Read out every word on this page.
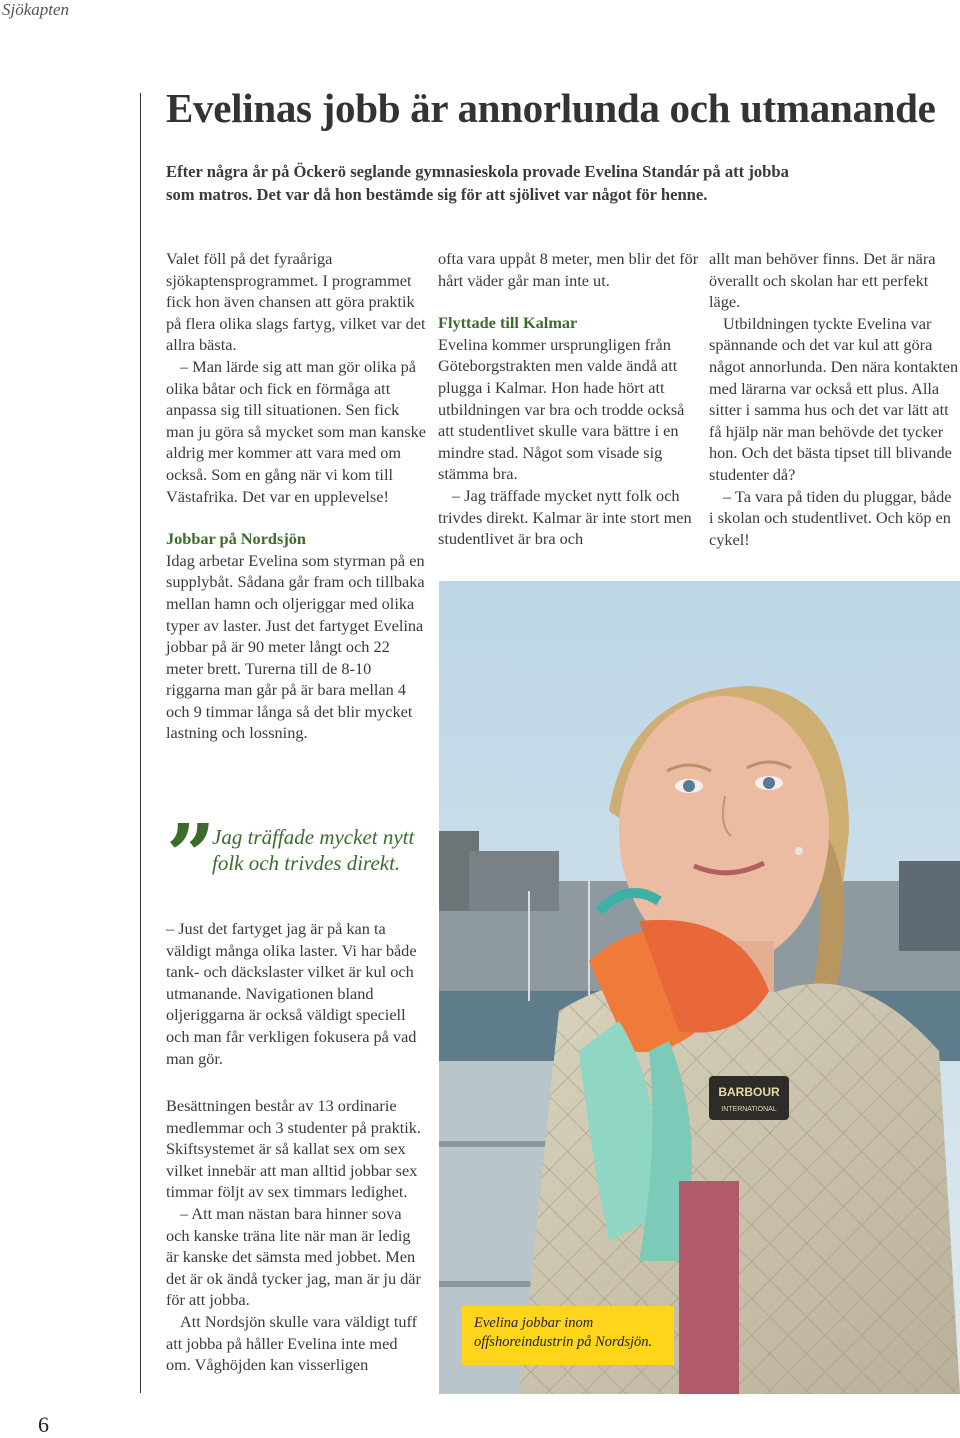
Sjökapten
6
Evelinas jobb är annorlunda och utmanande
Efter några år på Öckerö seglande gymnasieskola provade Evelina Standár på att jobba som matros. Det var då hon bestämde sig för att sjölivet var något för henne.

Valet föll på det fyraåriga sjökaptensprogrammet. I programmet fick hon även chansen att göra praktik på flera olika slags fartyg, vilket var det allra bästa.

– Man lärde sig att man gör olika på olika båtar och fick en förmåga att anpassa sig till situationen. Sen fick man ju göra så mycket som man kanske aldrig mer kommer att vara med om också. Som en gång när vi kom till Västafrika. Det var en upplevelse!

Jobbar på Nordsjön

Idag arbetar Evelina som styrman på en supplybåt. Sådana går fram och tillbaka mellan hamn och oljeriggar med olika typer av laster. Just det fartyget Evelina jobbar på är 90 meter långt och 22 meter brett. Turerna till de 8-10 riggarna man går på är bara mellan 4 och 9 timmar långa så det blir mycket lastning och lossning.

”
Jag träffade mycket nytt folk och trivdes direkt.

– Just det fartyget jag är på kan ta väldigt många olika laster. Vi har både tank- och däckslaster vilket är kul och utmanande. Navigationen bland oljeriggarna är också väldigt speciell och man får verkligen fokusera på vad man gör.

Besättningen består av 13 ordinarie medlemmar och 3 studenter på praktik. Skiftsystemet är så kallat sex om sex vilket innebär att man alltid jobbar sex timmar följt av sex timmars ledighet.

– Att man nästan bara hinner sova och kanske träna lite när man är ledig är kanske det sämsta med jobbet. Men det är ok ändå tycker jag, man är ju där för att jobba.

Att Nordsjön skulle vara väldigt tuff att jobba på håller Evelina inte med om. Våghöjden kan visserligen

ofta vara uppåt 8 meter, men blir det för hårt väder går man inte ut.

Flyttade till Kalmar

Evelina kommer ursprungligen från Göteborgstrakten men valde ändå att plugga i Kalmar. Hon hade hört att utbildningen var bra och trodde också att studentlivet skulle vara bättre i en mindre stad. Något som visade sig stämma bra.

– Jag träffade mycket nytt folk och trivdes direkt. Kalmar är inte stort men studentlivet är bra och

allt man behöver finns. Det är nära överallt och skolan har ett perfekt läge.

Utbildningen tyckte Evelina var spännande och det var kul att göra något annorlunda. Den nära kontakten med lärarna var också ett plus. Alla sitter i samma hus och det var lätt att få hjälp när man behövde det tycker hon. Och det bästa tipset till blivande studenter då?

– Ta vara på tiden du pluggar, både i skolan och studentlivet. Och köp en cykel!

BARBOUR
INTERNATIONAL
Evelina jobbar inom offshoreindustrin på Nordsjön.
